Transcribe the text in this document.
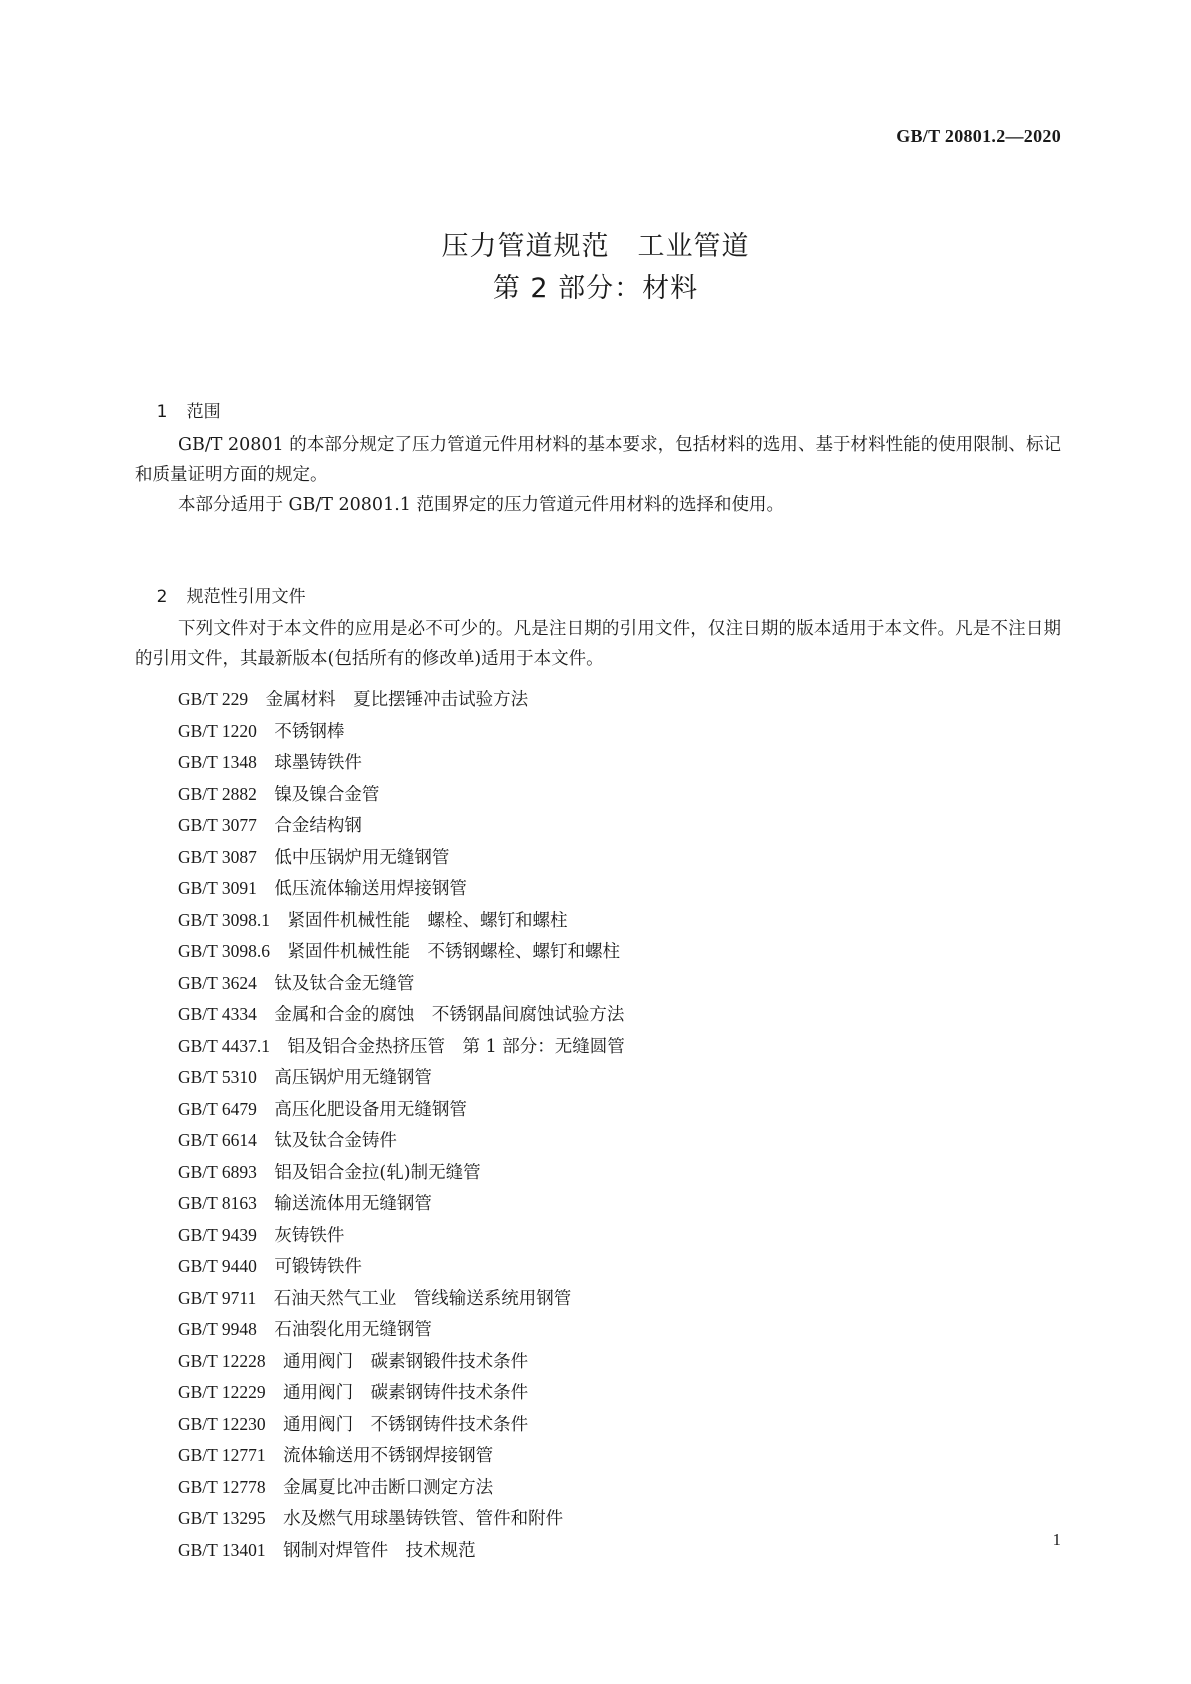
GB/T 20801.2—2020
压力管道规范　工业管道
第 2 部分：材料

1 范围

GB/T 20801 的本部分规定了压力管道元件用材料的基本要求，包括材料的选用、基于材料性能的使用限制、标记和质量证明方面的规定。

本部分适用于 GB/T 20801.1 范围界定的压力管道元件用材料的选择和使用。

2 规范性引用文件

下列文件对于本文件的应用是必不可少的。凡是注日期的引用文件，仅注日期的版本适用于本文件。凡是不注日期的引用文件，其最新版本(包括所有的修改单)适用于本文件。

GB/T 229　 金属材料　夏比摆锤冲击试验方法
GB/T 1220　 不锈钢棒
GB/T 1348　 球墨铸铁件
GB/T 2882　 镍及镍合金管
GB/T 3077　 合金结构钢
GB/T 3087　 低中压锅炉用无缝钢管
GB/T 3091　 低压流体输送用焊接钢管
GB/T 3098.1　 紧固件机械性能　螺栓、螺钉和螺柱
GB/T 3098.6　 紧固件机械性能　不锈钢螺栓、螺钉和螺柱
GB/T 3624　 钛及钛合金无缝管
GB/T 4334　 金属和合金的腐蚀　不锈钢晶间腐蚀试验方法
GB/T 4437.1　 铝及铝合金热挤压管　第 1 部分：无缝圆管
GB/T 5310　 高压锅炉用无缝钢管
GB/T 6479　 高压化肥设备用无缝钢管
GB/T 6614　 钛及钛合金铸件
GB/T 6893　 铝及铝合金拉(轧)制无缝管
GB/T 8163　 输送流体用无缝钢管
GB/T 9439　 灰铸铁件
GB/T 9440　 可锻铸铁件
GB/T 9711　 石油天然气工业　管线输送系统用钢管
GB/T 9948　 石油裂化用无缝钢管
GB/T 12228　 通用阀门　碳素钢锻件技术条件
GB/T 12229　 通用阀门　碳素钢铸件技术条件
GB/T 12230　 通用阀门　不锈钢铸件技术条件
GB/T 12771　 流体输送用不锈钢焊接钢管
GB/T 12778　 金属夏比冲击断口测定方法
GB/T 13295　 水及燃气用球墨铸铁管、管件和附件
GB/T 13401　 钢制对焊管件　技术规范
1
